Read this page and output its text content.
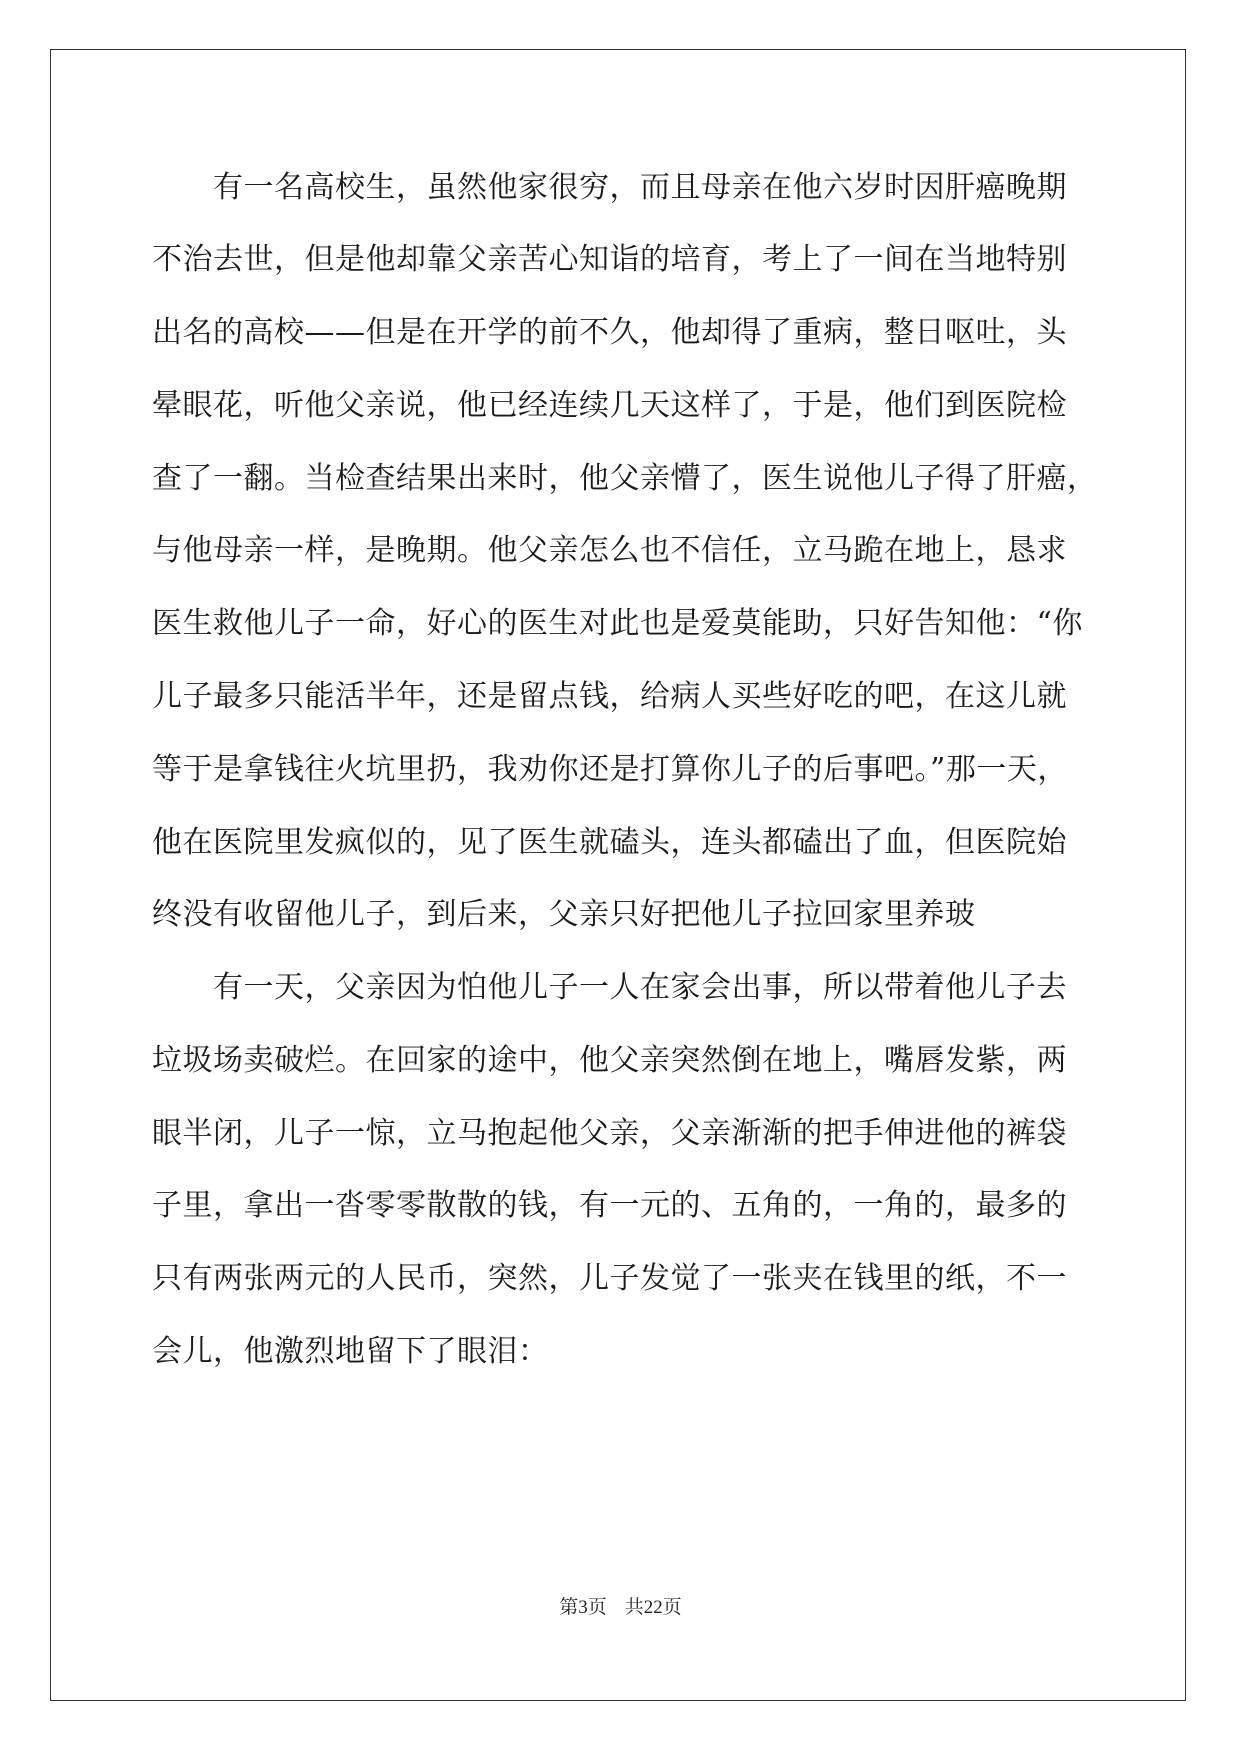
　　有一名高校生，虽然他家很穷，而且母亲在他六岁时因肝癌晚期
不治去世，但是他却靠父亲苦心知诣的培育，考上了一间在当地特别
出名的高校——但是在开学的前不久，他却得了重病，整日呕吐，头
晕眼花，听他父亲说，他已经连续几天这样了，于是，他们到医院检
查了一翻。当检查结果出来时，他父亲懵了，医生说他儿子得了肝癌，
与他母亲一样，是晚期。他父亲怎么也不信任，立马跪在地上，恳求
医生救他儿子一命，好心的医生对此也是爱莫能助，只好告知他：“你
儿子最多只能活半年，还是留点钱，给病人买些好吃的吧，在这儿就
等于是拿钱往火坑里扔，我劝你还是打算你儿子的后事吧。”那一天，
他在医院里发疯似的，见了医生就磕头，连头都磕出了血，但医院始
终没有收留他儿子，到后来，父亲只好把他儿子拉回家里养玻
　　有一天，父亲因为怕他儿子一人在家会出事，所以带着他儿子去
垃圾场卖破烂。在回家的途中，他父亲突然倒在地上，嘴唇发紫，两
眼半闭，儿子一惊，立马抱起他父亲，父亲渐渐的把手伸进他的裤袋
子里，拿出一沓零零散散的钱，有一元的、五角的，一角的，最多的
只有两张两元的人民币，突然，儿子发觉了一张夹在钱里的纸，不一
会儿，他激烈地留下了眼泪：
第3页 共22页
